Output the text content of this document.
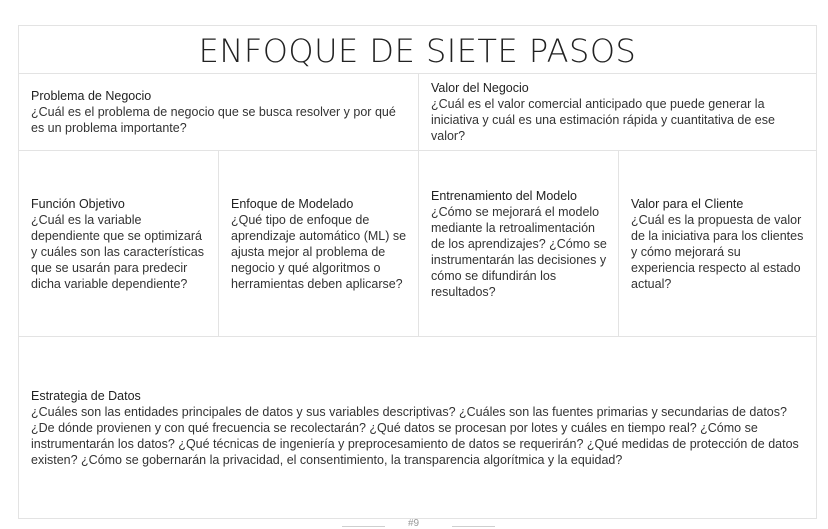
ENFOQUE DE SIETE PASOS
Problema de Negocio
¿Cuál es el problema de negocio que se busca resolver y por qué es un problema importante?
Valor del Negocio
¿Cuál es el valor comercial anticipado que puede generar la iniciativa y cuál es una estimación rápida y cuantitativa de ese valor?
Función Objetivo
¿Cuál es la variable dependiente que se optimizará y cuáles son las características que se usarán para predecir dicha variable dependiente?
Enfoque de Modelado
¿Qué tipo de enfoque de aprendizaje automático (ML) se ajusta mejor al problema de negocio y qué algoritmos o herramientas deben aplicarse?
Entrenamiento del Modelo
¿Cómo se mejorará el modelo mediante la retroalimentación de los aprendizajes? ¿Cómo se instrumentarán las decisiones y cómo se difundirán los resultados?
Valor para el Cliente
¿Cuál es la propuesta de valor de la iniciativa para los clientes y cómo mejorará su experiencia respecto al estado actual?
Estrategia de Datos
¿Cuáles son las entidades principales de datos y sus variables descriptivas? ¿Cuáles son las fuentes primarias y secundarias de datos? ¿De dónde provienen y con qué frecuencia se recolectarán? ¿Qué datos se procesan por lotes y cuáles en tiempo real? ¿Cómo se instrumentarán los datos? ¿Qué técnicas de ingeniería y preprocesamiento de datos se requerirán? ¿Qué medidas de protección de datos existen? ¿Cómo se gobernarán la privacidad, el consentimiento, la transparencia algorítmica y la equidad?
#9
